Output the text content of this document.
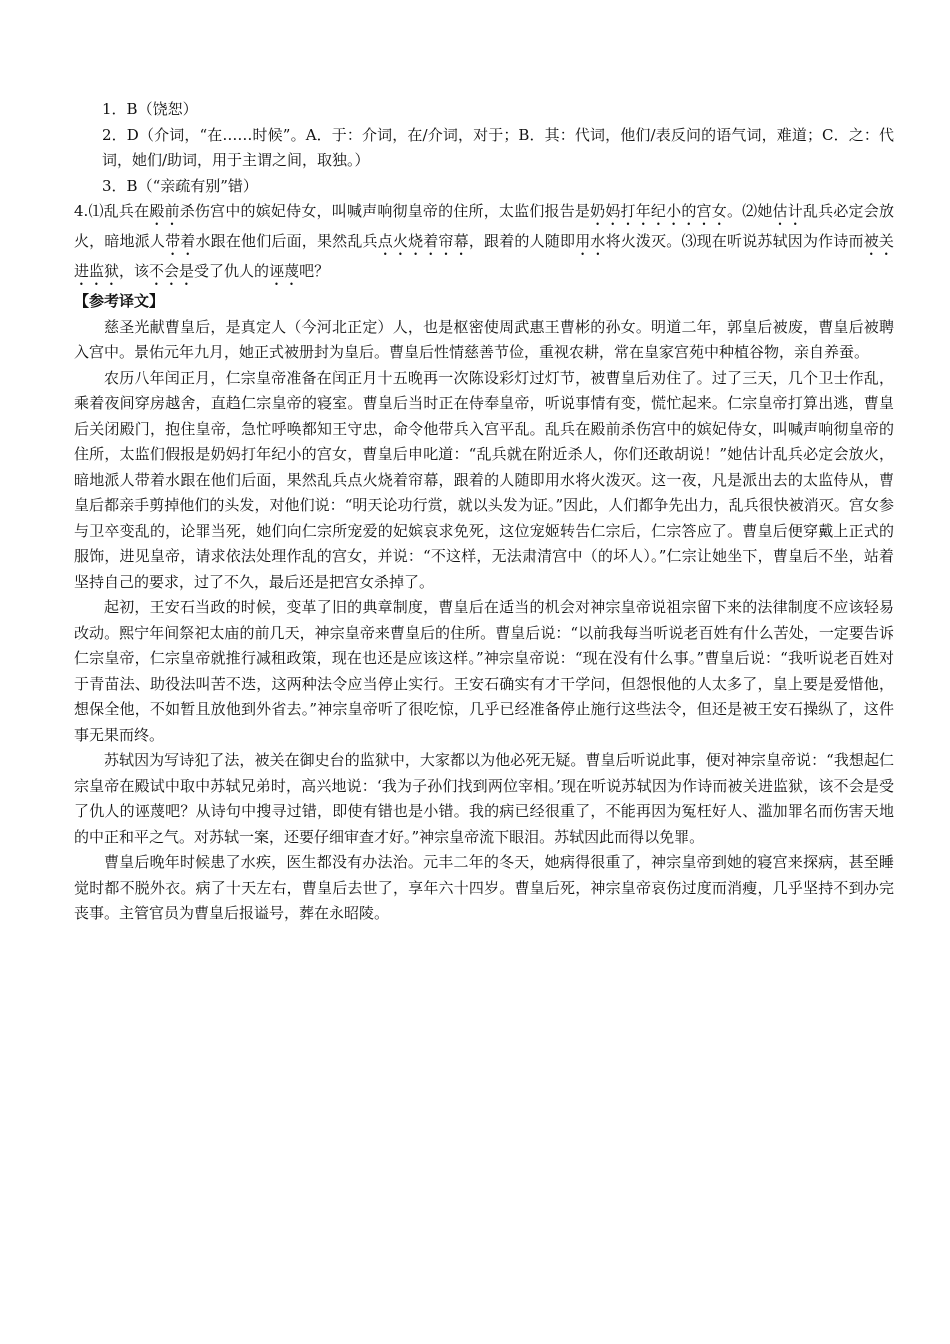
1．B（饶恕）

2．D（介词，“在……时候”。A．于：介词，在/介词，对于；B．其：代词，他们/表反问的语气词，难道；C．之：代词，她们/助词，用于主谓之间，取独。）

3．B（“亲疏有别”错）

4.⑴乱兵在殿前杀伤宫中的嫔妃侍女，叫喊声响彻皇帝的住所，太监们报告是奶妈打年纪小的宫女。⑵她估计乱兵必定会放火，暗地派人带着水跟在他们后面，果然乱兵点火烧着帘幕，跟着的人随即用水将火泼灭。⑶现在听说苏轼因为作诗而被关进监狱，该不会是受了仇人的诬蔑吧？

【参考译文】

慈圣光献曹皇后，是真定人（今河北正定）人，也是枢密使周武惠王曹彬的孙女。明道二年，郭皇后被废，曹皇后被聘入宫中。景佑元年九月，她正式被册封为皇后。曹皇后性情慈善节俭，重视农耕，常在皇家宫苑中种植谷物，亲自养蚕。

农历八年闰正月，仁宗皇帝准备在闰正月十五晚再一次陈设彩灯过灯节，被曹皇后劝住了。过了三天，几个卫士作乱，乘着夜间穿房越舍，直趋仁宗皇帝的寝室。曹皇后当时正在侍奉皇帝，听说事情有变，慌忙起来。仁宗皇帝打算出逃，曹皇后关闭殿门，抱住皇帝，急忙呼唤都知王守忠，命令他带兵入宫平乱。乱兵在殿前杀伤宫中的嫔妃侍女，叫喊声响彻皇帝的住所，太监们假报是奶妈打年纪小的宫女，曹皇后申叱道：“乱兵就在附近杀人，你们还敢胡说！”她估计乱兵必定会放火，暗地派人带着水跟在他们后面，果然乱兵点火烧着帘幕，跟着的人随即用水将火泼灭。这一夜，凡是派出去的太监侍从，曹皇后都亲手剪掉他们的头发，对他们说：“明天论功行赏，就以头发为证。”因此，人们都争先出力，乱兵很快被消灭。宫女参与卫卒变乱的，论罪当死，她们向仁宗所宠爱的妃嫔哀求免死，这位宠姬转告仁宗后，仁宗答应了。曹皇后便穿戴上正式的服饰，进见皇帝，请求依法处理作乱的宫女，并说：“不这样，无法肃清宫中（的坏人）。”仁宗让她坐下，曹皇后不坐，站着坚持自己的要求，过了不久，最后还是把宫女杀掉了。

起初，王安石当政的时候，变革了旧的典章制度，曹皇后在适当的机会对神宗皇帝说祖宗留下来的法律制度不应该轻易改动。熙宁年间祭祀太庙的前几天，神宗皇帝来曹皇后的住所。曹皇后说：“以前我每当听说老百姓有什么苦处，一定要告诉仁宗皇帝，仁宗皇帝就推行减租政策，现在也还是应该这样。”神宗皇帝说：“现在没有什么事。”曹皇后说：“我听说老百姓对于青苗法、助役法叫苦不迭，这两种法令应当停止实行。王安石确实有才干学问，但怨恨他的人太多了，皇上要是爱惜他，想保全他，不如暂且放他到外省去。”神宗皇帝听了很吃惊，几乎已经准备停止施行这些法令，但还是被王安石操纵了，这件事无果而终。

苏轼因为写诗犯了法，被关在御史台的监狱中，大家都以为他必死无疑。曹皇后听说此事，便对神宗皇帝说：“我想起仁宗皇帝在殿试中取中苏轼兄弟时，高兴地说：‘我为子孙们找到两位宰相。’现在听说苏轼因为作诗而被关进监狱，该不会是受了仇人的诬蔑吧？从诗句中搜寻过错，即使有错也是小错。我的病已经很重了，不能再因为冤枉好人、滥加罪名而伤害天地的中正和平之气。对苏轼一案，还要仔细审查才好。”神宗皇帝流下眼泪。苏轼因此而得以免罪。

曹皇后晚年时候患了水疾，医生都没有办法治。元丰二年的冬天，她病得很重了，神宗皇帝到她的寝宫来探病，甚至睡觉时都不脱外衣。病了十天左右，曹皇后去世了，享年六十四岁。曹皇后死，神宗皇帝哀伤过度而消瘦，几乎坚持不到办完丧事。主管官员为曹皇后报谥号，葬在永昭陵。
